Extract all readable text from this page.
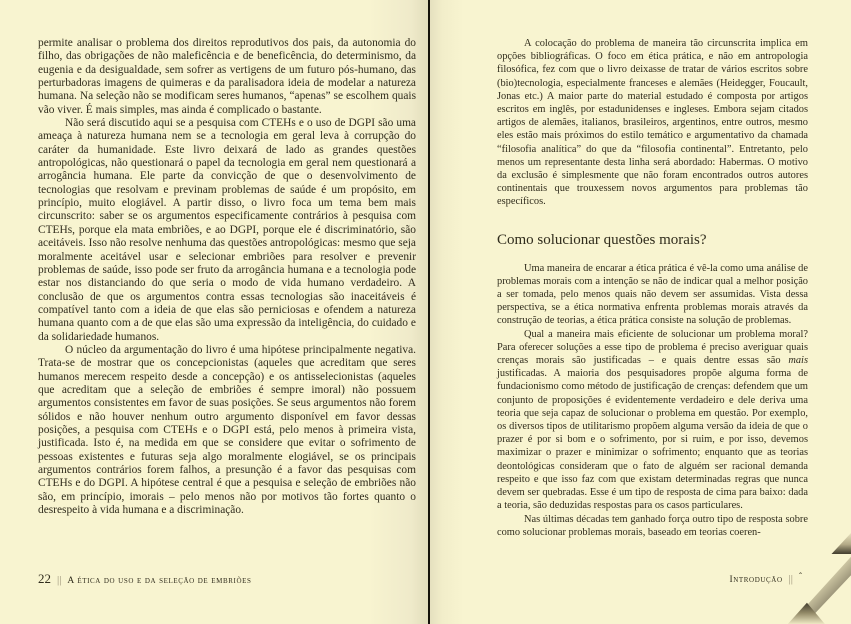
permite analisar o problema dos direitos reprodutivos dos pais, da autonomia do filho, das obrigações de não maleficência e de beneficência, do determinismo, da eugenia e da desigualdade, sem sofrer as vertigens de um futuro pós-humano, das perturbadoras imagens de quimeras e da paralisadora ideia de modelar a natureza humana. Na seleção não se modificam seres humanos, “apenas” se escolhem quais vão viver. É mais simples, mas ainda é complicado o bastante.

Não será discutido aqui se a pesquisa com CTEHs e o uso de DGPI são uma ameaça à natureza humana nem se a tecnologia em geral leva à corrupção do caráter da humanidade. Este livro deixará de lado as grandes questões antropológicas, não questionará o papel da tecnologia em geral nem questionará a arrogância humana. Ele parte da convicção de que o desenvolvimento de tecnologias que resolvam e previnam problemas de saúde é um propósito, em princípio, muito elogiável. A partir disso, o livro foca um tema bem mais circunscrito: saber se os argumentos especificamente contrários à pesquisa com CTEHs, porque ela mata embriões, e ao DGPI, porque ele é discriminatório, são aceitáveis. Isso não resolve nenhuma das questões antropológicas: mesmo que seja moralmente aceitável usar e selecionar embriões para resolver e prevenir problemas de saúde, isso pode ser fruto da arrogância humana e a tecnologia pode estar nos distanciando do que seria o modo de vida humano verdadeiro. A conclusão de que os argumentos contra essas tecnologias são inaceitáveis é compatível tanto com a ideia de que elas são perniciosas e ofendem a natureza humana quanto com a de que elas são uma expressão da inteligência, do cuidado e da solidariedade humanos.

O núcleo da argumentação do livro é uma hipótese principalmente negativa. Trata-se de mostrar que os concepcionistas (aqueles que acreditam que seres humanos merecem respeito desde a concepção) e os antisselecionistas (aqueles que acreditam que a seleção de embriões é sempre imoral) não possuem argumentos consistentes em favor de suas posições. Se seus argumentos não forem sólidos e não houver nenhum outro argumento disponível em favor dessas posições, a pesquisa com CTEHs e o DGPI está, pelo menos à primeira vista, justificada. Isto é, na medida em que se considere que evitar o sofrimento de pessoas existentes e futuras seja algo moralmente elogiável, se os principais argumentos contrários forem falhos, a presunção é a favor das pesquisas com CTEHs e do DGPI. A hipótese central é que a pesquisa e seleção de embriões não são, em princípio, imorais – pelo menos não por motivos tão fortes quanto o desrespeito à vida humana e a discriminação.

A colocação do problema de maneira tão circunscrita implica em opções bibliográficas. O foco em ética prática, e não em antropologia filosófica, fez com que o livro deixasse de tratar de vários escritos sobre (bio)tecnologia, especialmente franceses e alemães (Heidegger, Foucault, Jonas etc.) A maior parte do material estudado é composta por artigos escritos em inglês, por estadunidenses e ingleses. Embora sejam citados artigos de alemães, italianos, brasileiros, argentinos, entre outros, mesmo eles estão mais próximos do estilo temático e argumentativo da chamada “filosofia analítica” do que da “filosofia continental”. Entretanto, pelo menos um representante desta linha será abordado: Habermas. O motivo da exclusão é simplesmente que não foram encontrados outros autores continentais que trouxessem novos argumentos para problemas tão específicos.

Como solucionar questões morais?

Uma maneira de encarar a ética prática é vê-la como uma análise de problemas morais com a intenção se não de indicar qual a melhor posição a ser tomada, pelo menos quais não devem ser assumidas. Vista dessa perspectiva, se a ética normativa enfrenta problemas morais através da construção de teorias, a ética prática consiste na solução de problemas.

Qual a maneira mais eficiente de solucionar um problema moral? Para oferecer soluções a esse tipo de problema é preciso averiguar quais crenças morais são justificadas – e quais dentre essas são mais justificadas. A maioria dos pesquisadores propõe alguma forma de fundacionismo como método de justificação de crenças: defendem que um conjunto de proposições é evidentemente verdadeiro e dele deriva uma teoria que seja capaz de solucionar o problema em questão. Por exemplo, os diversos tipos de utilitarismo propõem alguma versão da ideia de que o prazer é por si bom e o sofrimento, por si ruim, e por isso, devemos maximizar o prazer e minimizar o sofrimento; enquanto que as teorias deontológicas consideram que o fato de alguém ser racional demanda respeito e que isso faz com que existam determinadas regras que nunca devem ser quebradas. Esse é um tipo de resposta de cima para baixo: dada a teoria, são deduzidas respostas para os casos particulares.

Nas últimas décadas tem ganhado força outro tipo de resposta sobre como solucionar problemas morais, baseado em teorias coeren-

22 || A ética do uso e da seleção de embriões	Introdução || ˆ
